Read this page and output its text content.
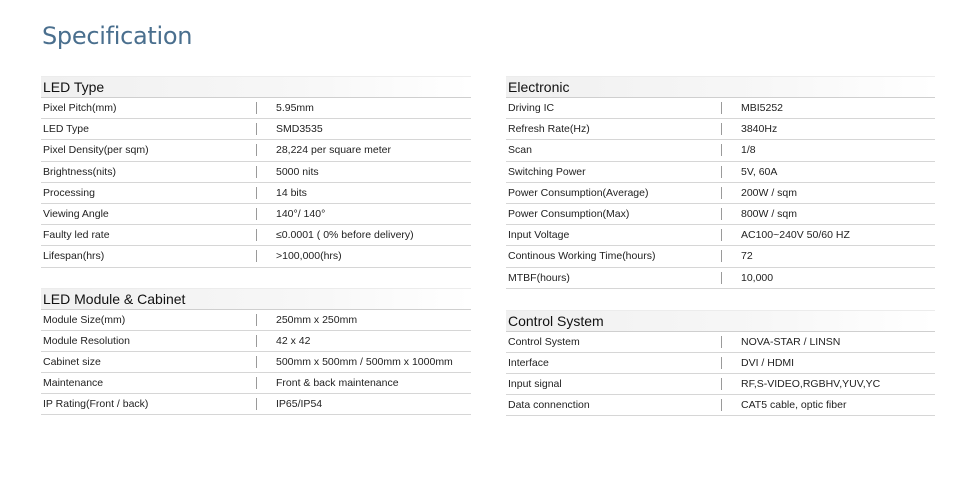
Specification
LED Type
Pixel Pitch(mm)	5.95mm
LED Type	SMD3535
Pixel Density(per sqm)	28,224 per square meter
Brightness(nits)	5000 nits
Processing	14 bits
Viewing Angle	140°/ 140°
Faulty led rate	≤0.0001 ( 0% before delivery)
Lifespan(hrs)	>100,000(hrs)
LED Module & Cabinet
Module Size(mm)	250mm x 250mm
Module Resolution	42 x 42
Cabinet size	500mm x 500mm / 500mm x 1000mm
Maintenance	Front & back maintenance
IP Rating(Front / back)	IP65/IP54
Electronic
Driving IC	MBI5252
Refresh Rate(Hz)	3840Hz
Scan	1/8
Switching Power	5V, 60A
Power Consumption(Average)	200W / sqm
Power Consumption(Max)	800W / sqm
Input Voltage	AC100~240V 50/60 HZ
Continous Working Time(hours)	72
MTBF(hours)	10,000
Control System
Control System	NOVA-STAR / LINSN
Interface	DVI / HDMI
Input signal	RF,S-VIDEO,RGBHV,YUV,YC
Data connenction	CAT5 cable, optic fiber
